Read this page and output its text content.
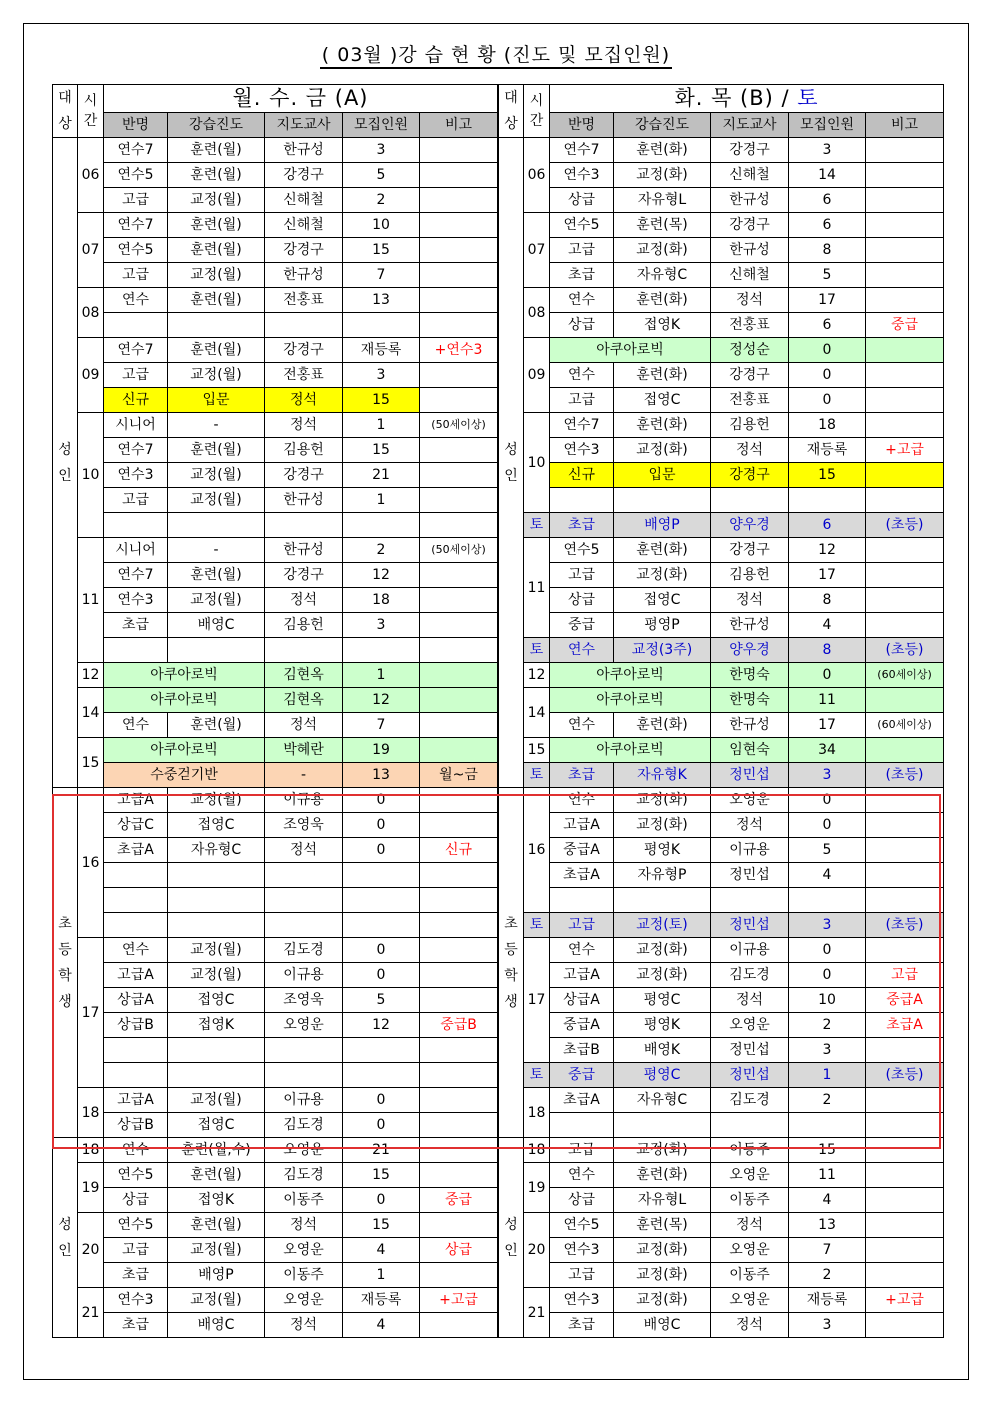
( 03월 )강 습 현 황 (진도 및 모집인원)
대상	시간	월. 수. 금 (A)				
		반명	강습진도	지도교사	모집인원	비고
성인	06	연수7	훈련(월)	한규성	3	
		연수5	훈련(월)	강경구	5	
		고급	교정(월)	신해철	2	
	07	연수7	훈련(월)	신해철	10	
		연수5	훈련(월)	강경구	15	
		고급	교정(월)	한규성	7	
	08	연수	훈련(월)	전홍표	13	

	09	연수7	훈련(월)	강경구	재등록	+연수3
		고급	교정(월)	전홍표	3	
		신규	입문	정석	15	
	10	시니어	-	정석	1	(50세이상)
		연수7	훈련(월)	김용헌	15	
		연수3	교정(월)	강경구	21	
		고급	교정(월)	한규성	1	

	11	시니어	-	한규성	2	(50세이상)
		연수7	훈련(월)	강경구	12	
		연수3	교정(월)	정석	18	
		초급	배영C	김용헌	3	

	12	아쿠아로빅		김현옥	1	
	14	아쿠아로빅		김현옥	12	
		연수	훈련(월)	정석	7	
	15	아쿠아로빅		박혜란	19	
		수중걷기반		-	13	월~금
초등학생	16	고급A	교정(월)	이규용	0	
		상급C	접영C	조영욱	0	
		초급A	자유형C	정석	0	신규

	17	연수	교정(월)	김도경	0	
		고급A	교정(월)	이규용	0	
		상급A	접영C	조영욱	5	
		상급B	접영K	오영운	12	중급B

	18	고급A	교정(월)	이규용	0	
		상급B	접영C	김도경	0	
성인	18	연수	훈련(월,수)	오영운	21	
	19	연수5	훈련(월)	김도경	15	
		상급	접영K	이동주	0	중급
	20	연수5	훈련(월)	정석	15	
		고급	교정(월)	오영운	4	상급
		초급	배영P	이동주	1	
	21	연수3	교정(월)	오영운	재등록	+고급
		초급	배영C	정석	4	
대상	시간	화. 목 (B) / 토				
		반명	강습진도	지도교사	모집인원	비고
성인	06	연수7	훈련(화)	강경구	3	
		연수3	교정(화)	신해철	14	
		상급	자유형L	한규성	6	
	07	연수5	훈련(목)	강경구	6	
		고급	교정(화)	한규성	8	
		초급	자유형C	신해철	5	
	08	연수	훈련(화)	정석	17	
		상급	접영K	전홍표	6	중급
	09	아쿠아로빅		정성순	0	
		연수	훈련(화)	강경구	0	
		고급	접영C	전홍표	0	
	10	연수7	훈련(화)	김용헌	18	
		연수3	교정(화)	정석	재등록	+고급
		신규	입문	강경구	15	

	토	초급	배영P	양우경	6	(초등)
	11	연수5	훈련(화)	강경구	12	
		고급	교정(화)	김용헌	17	
		상급	접영C	정석	8	
		중급	평영P	한규성	4	
	토	연수	교정(3주)	양우경	8	(초등)
	12	아쿠아로빅		한명숙	0	(60세이상)
	14	아쿠아로빅		한명숙	11	
		연수	훈련(화)	한규성	17	(60세이상)
	15	아쿠아로빅		임현숙	34	
	토	초급	자유형K	정민섭	3	(초등)
초등학생	16	연수	교정(화)	오영운	0	
		고급A	교정(화)	정석	0	
		중급A	평영K	이규용	5	
		초급A	자유형P	정민섭	4	

	토	고급	교정(토)	정민섭	3	(초등)
	17	연수	교정(화)	이규용	0	
		고급A	교정(화)	김도경	0	고급
		상급A	평영C	정석	10	중급A
		중급A	평영K	오영운	2	초급A
		초급B	배영K	정민섭	3	
	토	중급	평영C	정민섭	1	(초등)
	18	초급A	자유형C	김도경	2	

성인	18	고급	교정(화)	이동주	15	
	19	연수	훈련(화)	오영운	11	
		상급	자유형L	이동주	4	
	20	연수5	훈련(목)	정석	13	
		연수3	교정(화)	오영운	7	
		고급	교정(화)	이동주	2	
	21	연수3	교정(화)	오영운	재등록	+고급
		초급	배영C	정석	3	
